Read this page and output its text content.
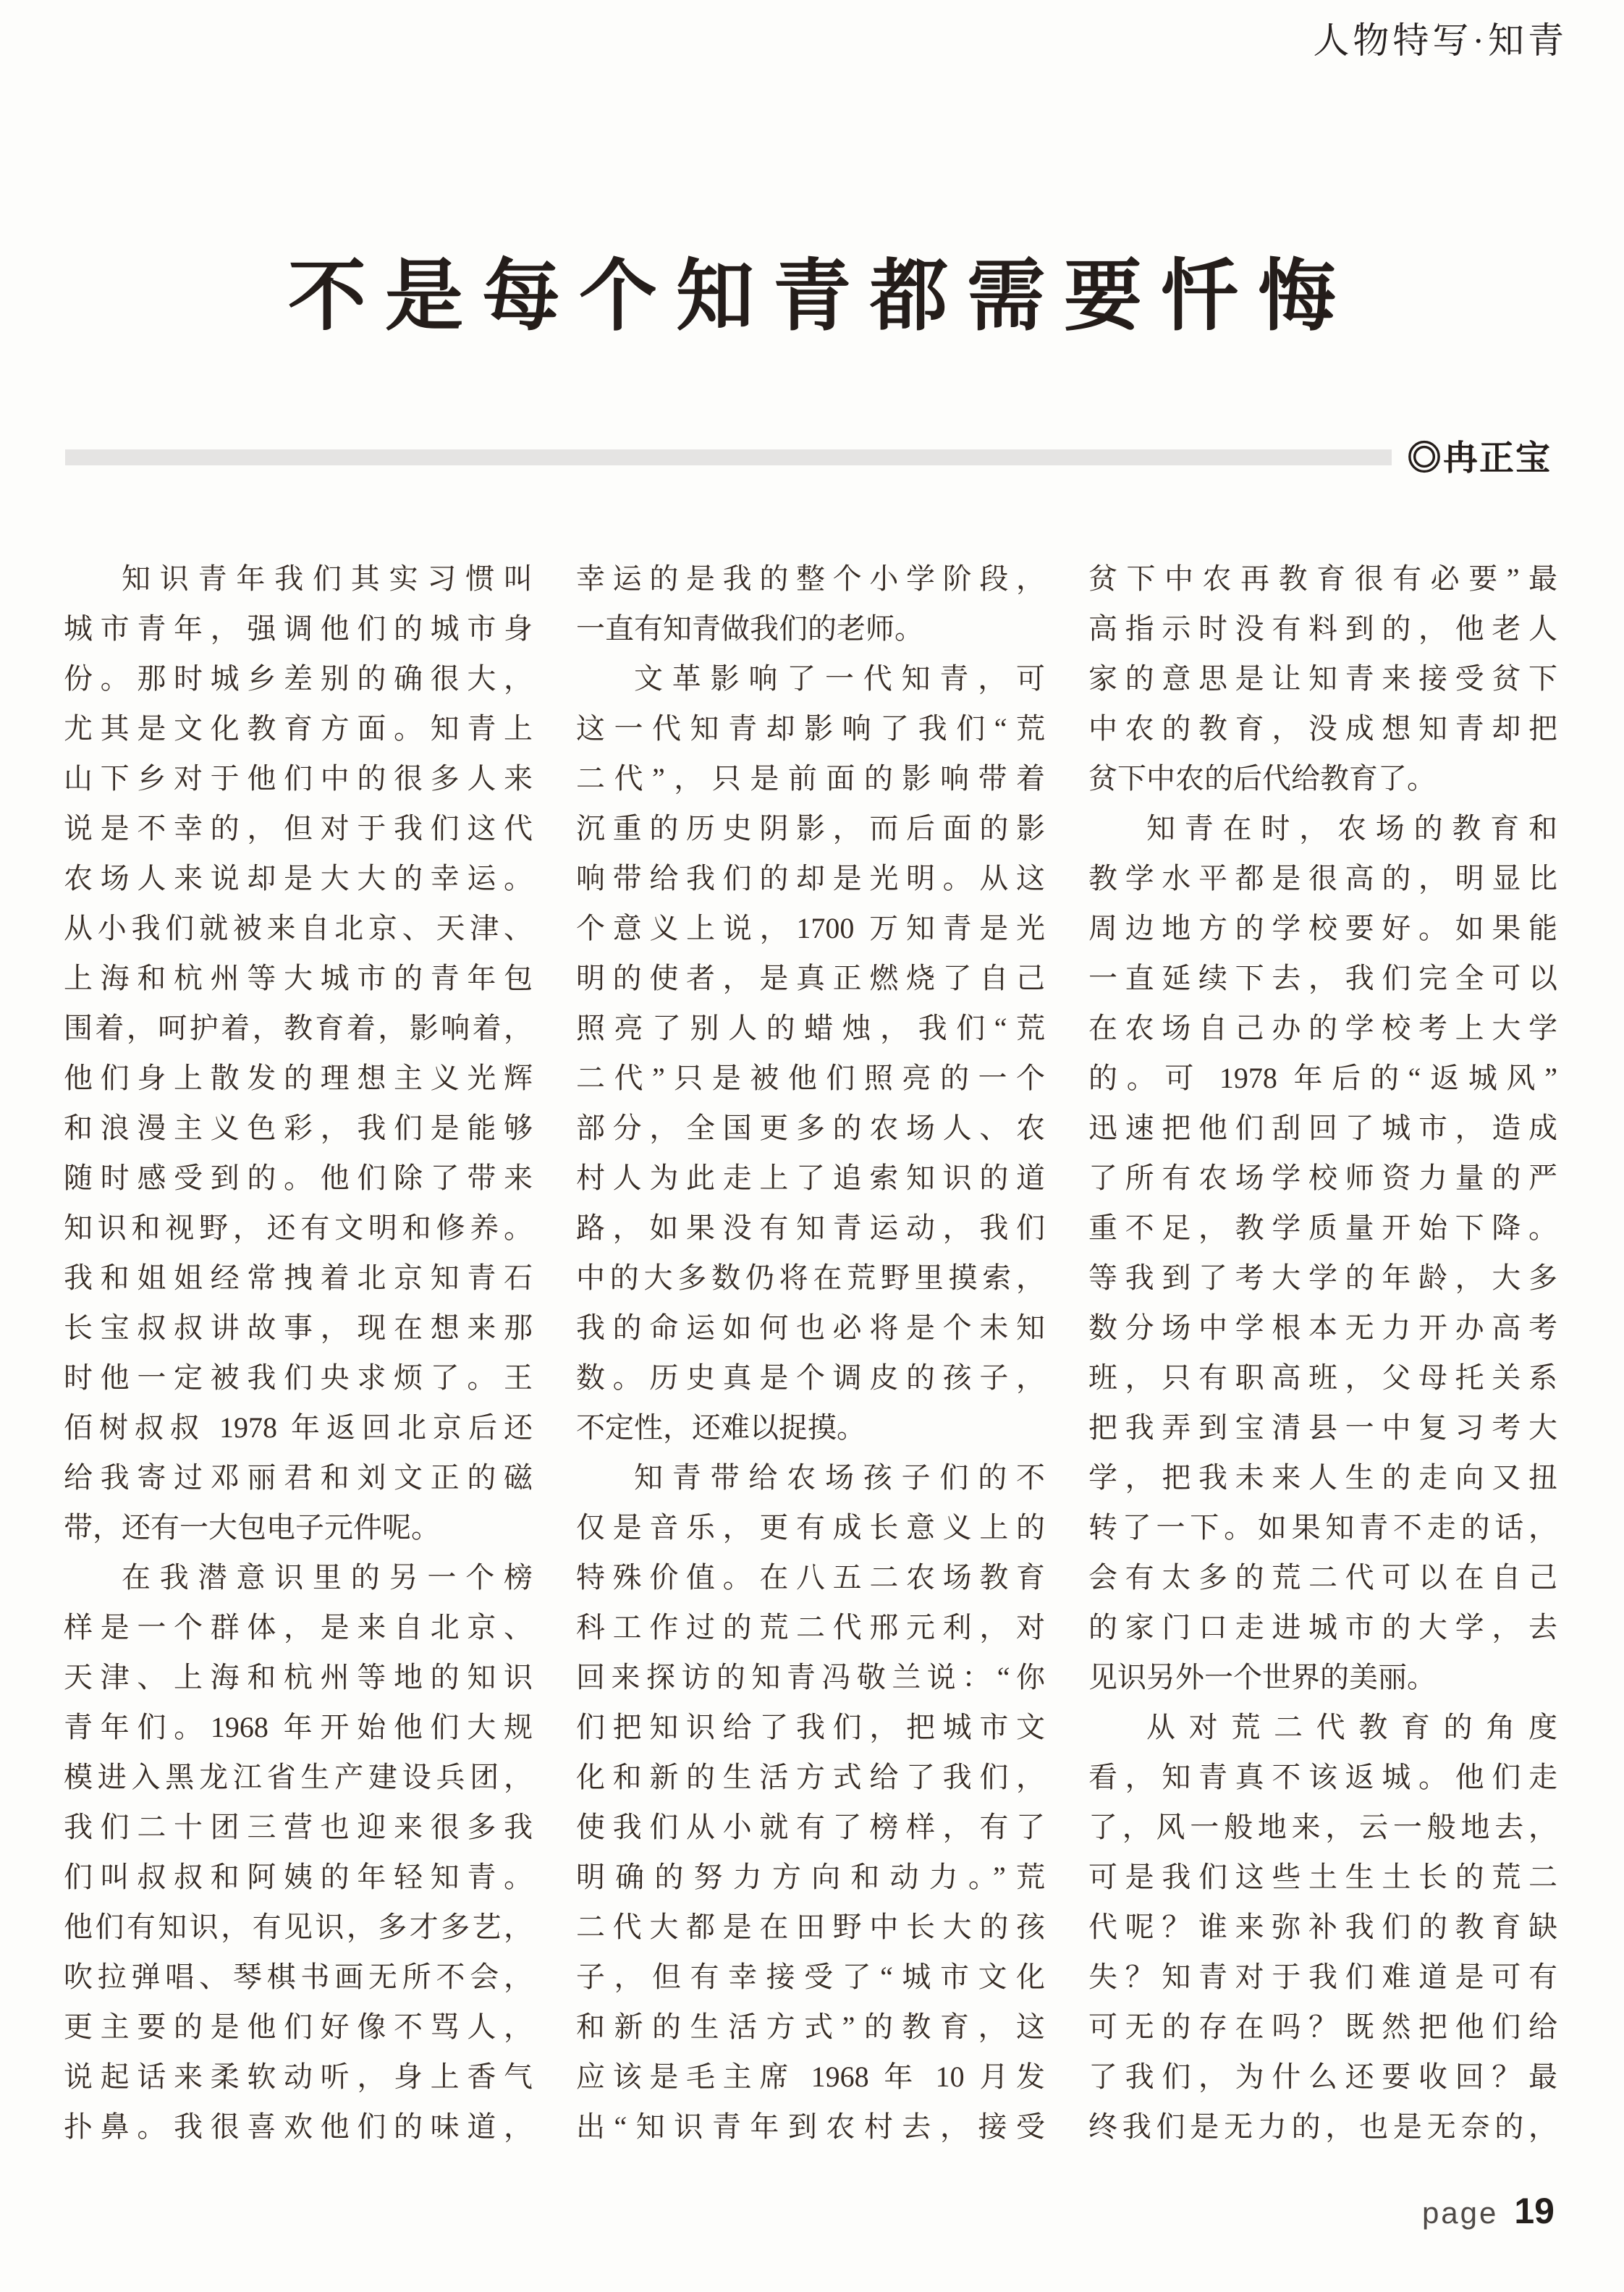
人物特写·知青
不是每个知青都需要忏悔
◎冉正宝
知识青年我们其实习惯叫
城市青年，强调他们的城市身
份。那时城乡差别的确很大，
尤其是文化教育方面。知青上
山下乡对于他们中的很多人来
说是不幸的，但对于我们这代
农场人来说却是大大的幸运。
从小我们就被来自北京、天津、
上海和杭州等大城市的青年包
围着，呵护着，教育着，影响着，
他们身上散发的理想主义光辉
和浪漫主义色彩，我们是能够
随时感受到的。他们除了带来
知识和视野，还有文明和修养。
我和姐姐经常拽着北京知青石
长宝叔叔讲故事，现在想来那
时他一定被我们央求烦了。王
佰树叔叔 1978 年返回北京后还
给我寄过邓丽君和刘文正的磁
带，还有一大包电子元件呢。
在我潜意识里的另一个榜
样是一个群体，是来自北京、
天津、上海和杭州等地的知识
青年们。1968 年开始他们大规
模进入黑龙江省生产建设兵团，
我们二十团三营也迎来很多我
们叫叔叔和阿姨的年轻知青。
他们有知识，有见识，多才多艺，
吹拉弹唱、琴棋书画无所不会，
更主要的是他们好像不骂人，
说起话来柔软动听，身上香气
扑鼻。我很喜欢他们的味道，
幸运的是我的整个小学阶段，
一直有知青做我们的老师。
文革影响了一代知青，可
这一代知青却影响了我们“荒
二代”，只是前面的影响带着
沉重的历史阴影，而后面的影
响带给我们的却是光明。从这
个意义上说，1700 万知青是光
明的使者，是真正燃烧了自己
照亮了别人的蜡烛，我们“荒
二代”只是被他们照亮的一个
部分，全国更多的农场人、农
村人为此走上了追索知识的道
路，如果没有知青运动，我们
中的大多数仍将在荒野里摸索，
我的命运如何也必将是个未知
数。历史真是个调皮的孩子，
不定性，还难以捉摸。
知青带给农场孩子们的不
仅是音乐，更有成长意义上的
特殊价值。在八五二农场教育
科工作过的荒二代邢元利，对
回来探访的知青冯敬兰说：“你
们把知识给了我们，把城市文
化和新的生活方式给了我们，
使我们从小就有了榜样，有了
明确的努力方向和动力。”荒
二代大都是在田野中长大的孩
子，但有幸接受了“城市文化
和新的生活方式”的教育，这
应该是毛主席 1968 年 10 月发
出“知识青年到农村去，接受
贫下中农再教育很有必要”最
高指示时没有料到的，他老人
家的意思是让知青来接受贫下
中农的教育，没成想知青却把
贫下中农的后代给教育了。
知青在时，农场的教育和
教学水平都是很高的，明显比
周边地方的学校要好。如果能
一直延续下去，我们完全可以
在农场自己办的学校考上大学
的。可 1978 年后的“返城风”
迅速把他们刮回了城市，造成
了所有农场学校师资力量的严
重不足，教学质量开始下降。
等我到了考大学的年龄，大多
数分场中学根本无力开办高考
班，只有职高班，父母托关系
把我弄到宝清县一中复习考大
学，把我未来人生的走向又扭
转了一下。如果知青不走的话，
会有太多的荒二代可以在自己
的家门口走进城市的大学，去
见识另外一个世界的美丽。
从对荒二代教育的角度
看，知青真不该返城。他们走
了，风一般地来，云一般地去，
可是我们这些土生土长的荒二
代呢？谁来弥补我们的教育缺
失？知青对于我们难道是可有
可无的存在吗？既然把他们给
了我们，为什么还要收回？最
终我们是无力的，也是无奈的，
page 19
